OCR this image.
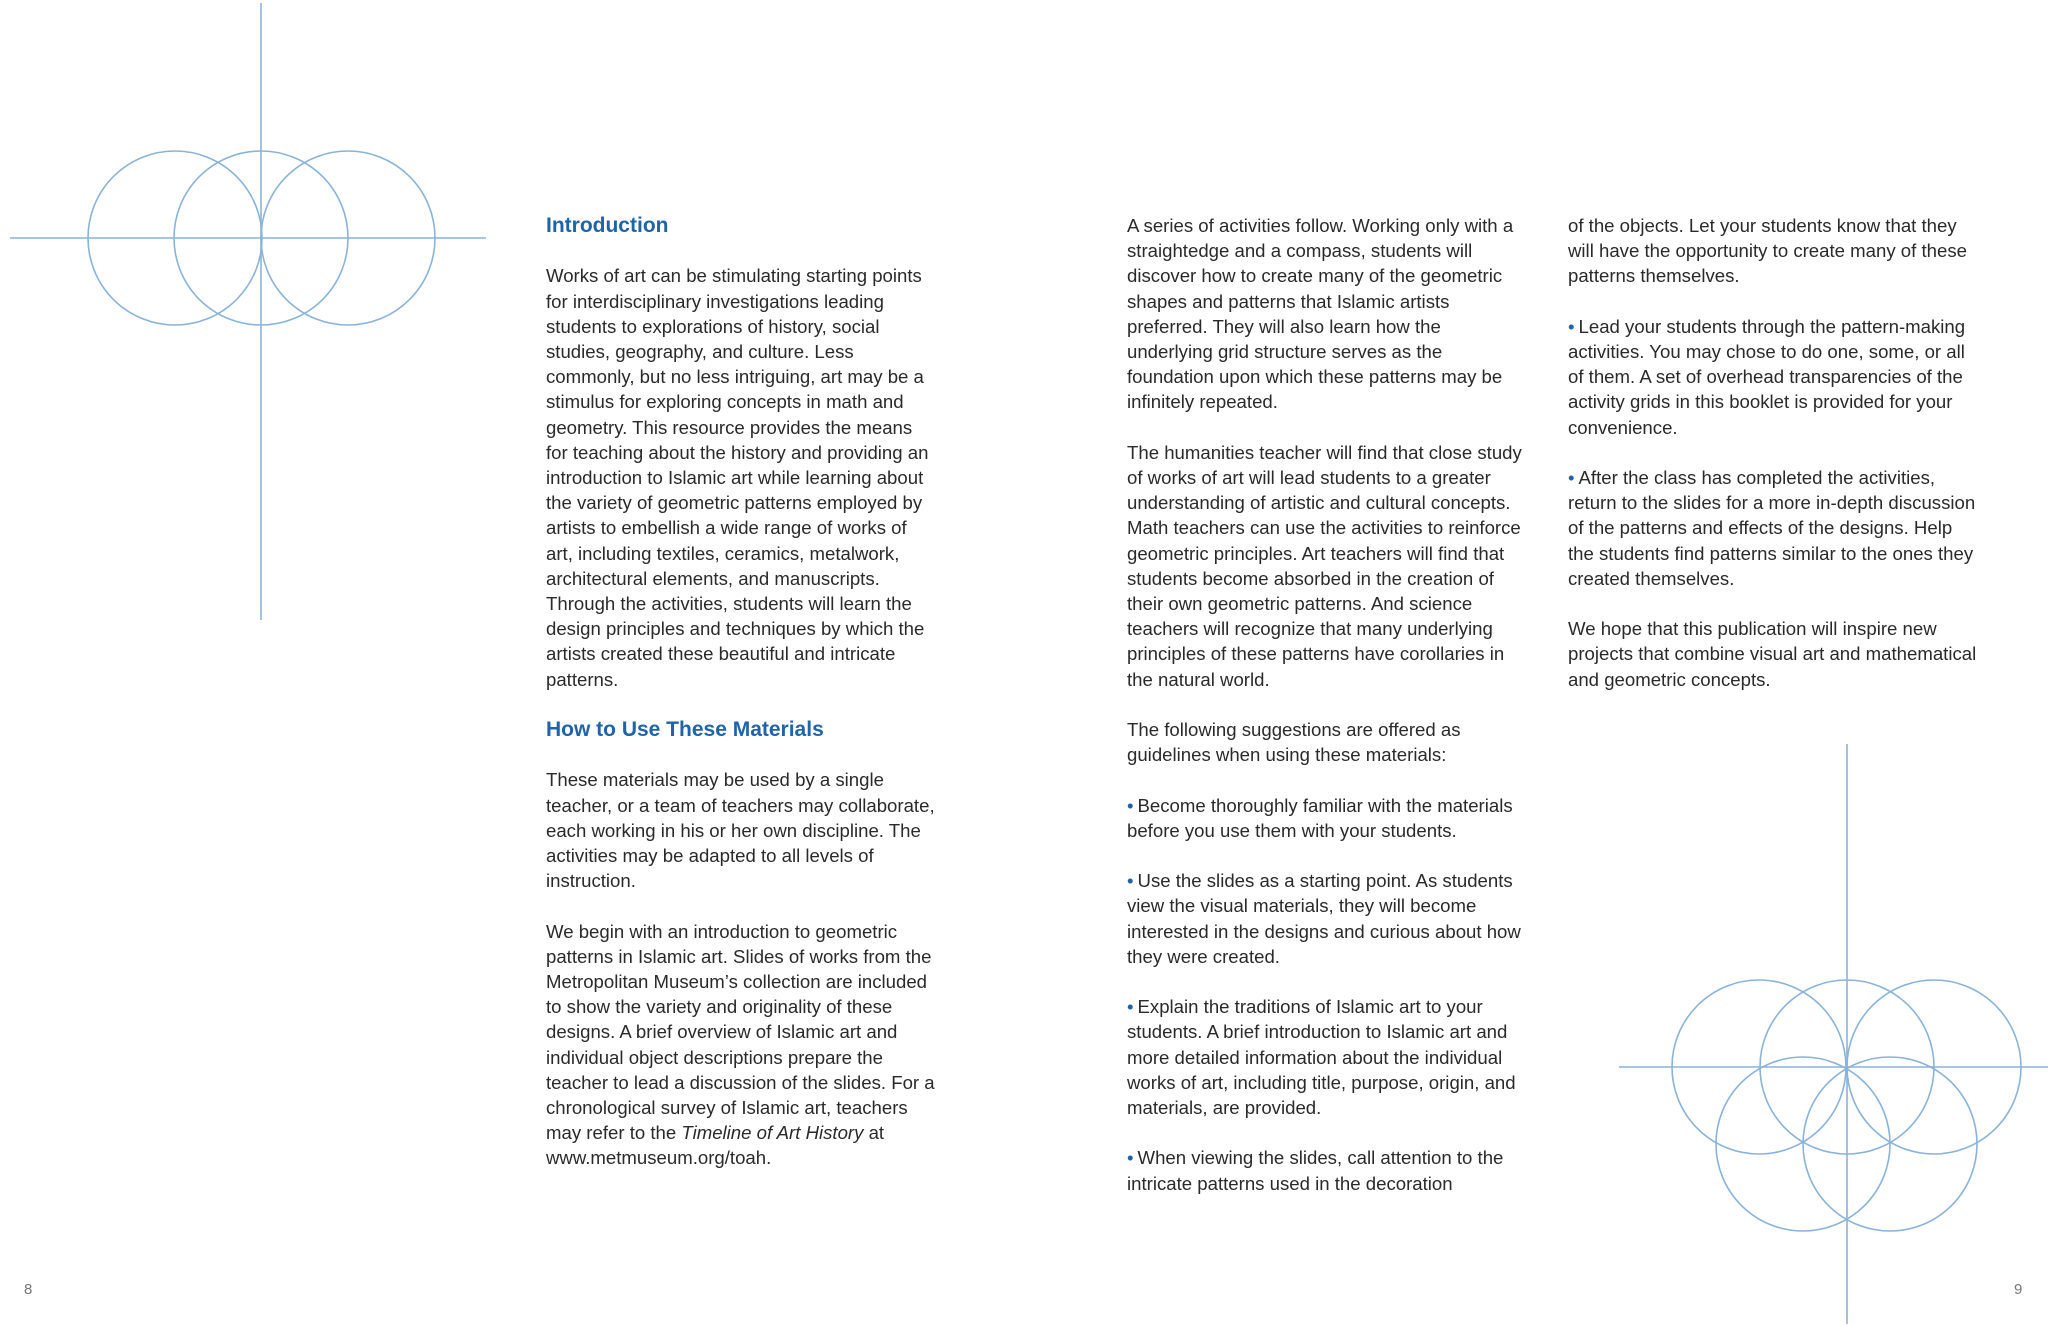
Introduction

Works of art can be stimulating starting points for interdisciplinary investigations leading students to explorations of history, social studies, geography, and culture. Less commonly, but no less intriguing, art may be a stimulus for exploring concepts in math and geometry. This resource provides the means for teaching about the history and providing an introduction to Islamic art while learning about the variety of geometric patterns employed by artists to embellish a wide range of works of art, including textiles, ceramics, metalwork, architectural elements, and manuscripts. Through the activities, students will learn the design principles and techniques by which the artists created these beautiful and intricate patterns.

How to Use These Materials

These materials may be used by a single teacher, or a team of teachers may collaborate, each working in his or her own discipline. The activities may be adapted to all levels of instruction.

We begin with an introduction to geometric patterns in Islamic art. Slides of works from the Metropolitan Museum’s collection are included to show the variety and originality of these designs. A brief overview of Islamic art and individual object descriptions prepare the teacher to lead a discussion of the slides. For a chronological survey of Islamic art, teachers may refer to the Timeline of Art History at www.metmuseum.org/toah.

A series of activities follow. Working only with a straightedge and a compass, students will discover how to create many of the geometric shapes and patterns that Islamic artists preferred. They will also learn how the underlying grid structure serves as the foundation upon which these patterns may be infinitely repeated.

The humanities teacher will find that close study of works of art will lead students to a greater understanding of artistic and cultural concepts. Math teachers can use the activities to reinforce geometric principles. Art teachers will find that students become absorbed in the creation of their own geometric patterns. And science teachers will recognize that many underlying principles of these patterns have corollaries in the natural world.

The following suggestions are offered as guidelines when using these materials:

• Become thoroughly familiar with the materials before you use them with your students.

• Use the slides as a starting point. As students view the visual materials, they will become interested in the designs and curious about how they were created.

• Explain the traditions of Islamic art to your students. A brief introduction to Islamic art and more detailed information about the individual works of art, including title, purpose, origin, and materials, are provided.

• When viewing the slides, call attention to the intricate patterns used in the decoration

of the objects. Let your students know that they will have the opportunity to create many of these patterns themselves.

• Lead your students through the pattern-making activities. You may chose to do one, some, or all of them. A set of overhead transparencies of the activity grids in this booklet is provided for your convenience.

• After the class has completed the activities, return to the slides for a more in-depth discussion of the patterns and effects of the designs. Help the students find patterns similar to the ones they created themselves.

We hope that this publication will inspire new projects that combine visual art and mathematical and geometric concepts.

8	9
